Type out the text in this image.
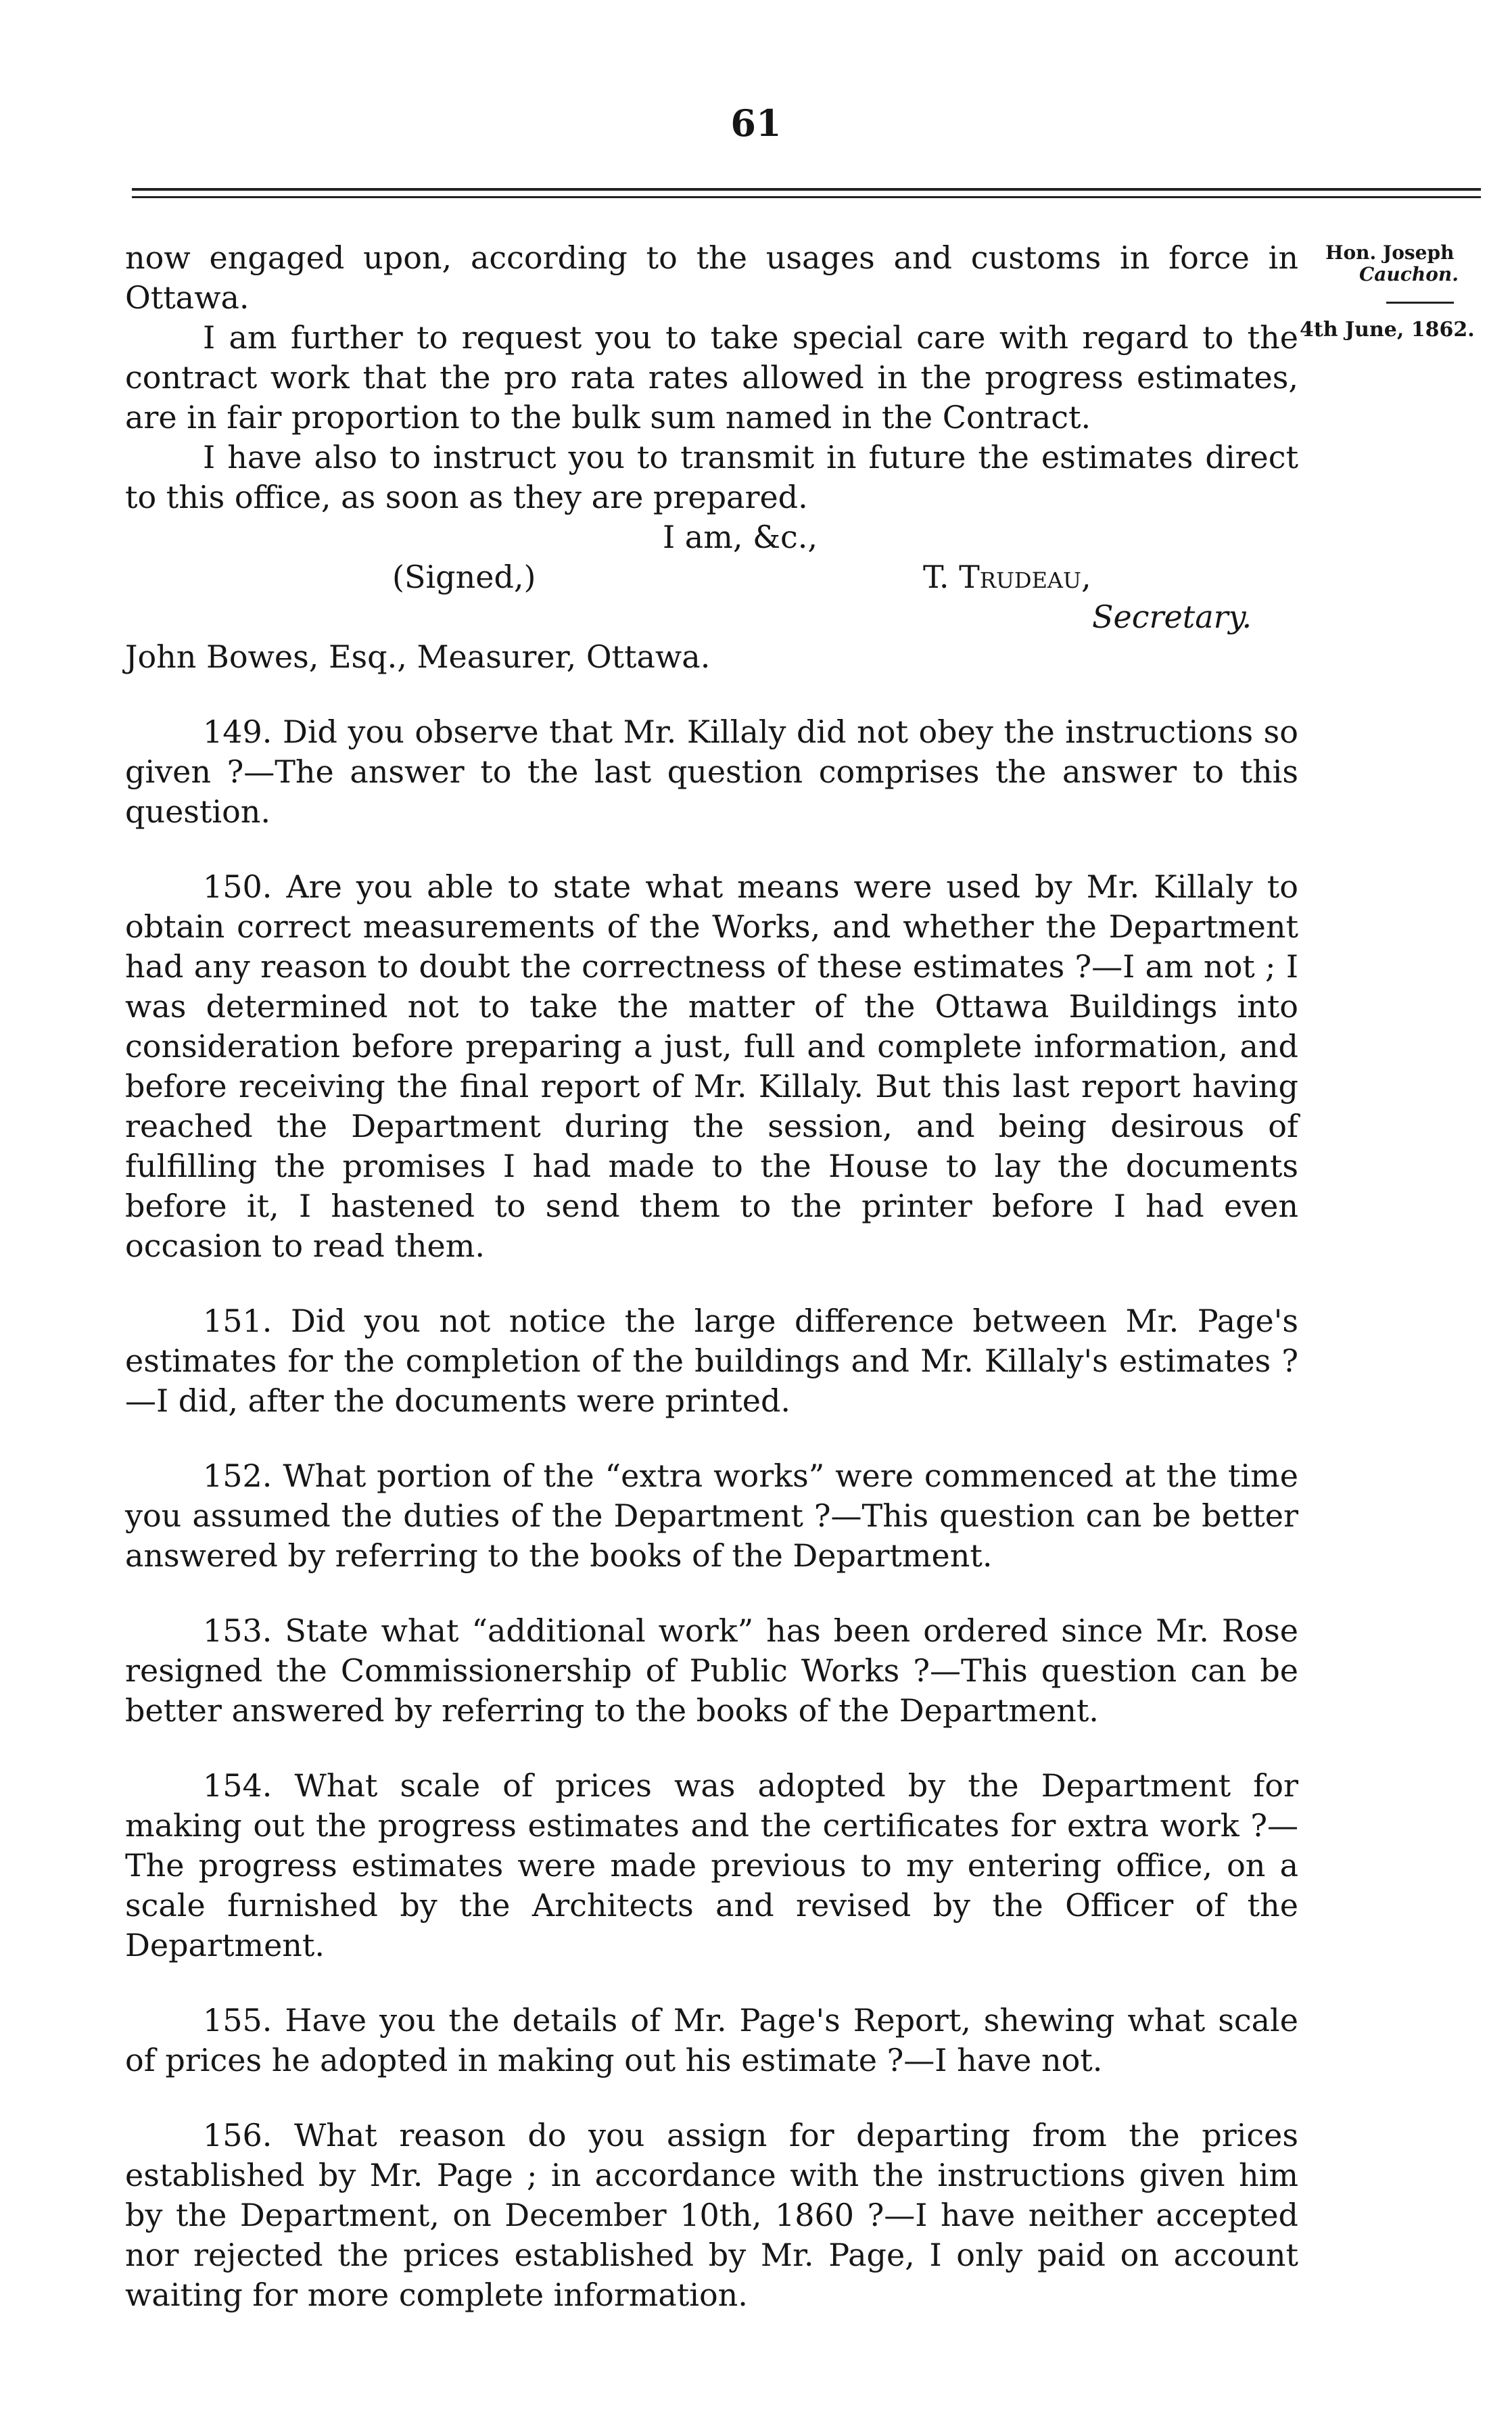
61
Hon. Joseph
Cauchon.
4th June, 1862.

now engaged upon, according to the usages and customs in force in Ottawa.

I am further to request you to take special care with regard to the contract work that the pro rata rates allowed in the progress estimates, are in fair proportion to the bulk sum named in the Contract.

I have also to instruct you to transmit in future the estimates direct to this office, as soon as they are prepared.

I am, &c.,
(Signed,)	T. Trudeau,
Secretary.

John Bowes, Esq., Measurer, Ottawa.

149. Did you observe that Mr. Killaly did not obey the instructions so given ?—The answer to the last question comprises the answer to this question.

150. Are you able to state what means were used by Mr. Killaly to obtain correct measurements of the Works, and whether the Department had any reason to doubt the correctness of these estimates ?—I am not ; I was determined not to take the matter of the Ottawa Buildings into consideration before preparing a just, full and complete information, and before receiving the final report of Mr. Killaly. But this last report having reached the Department during the session, and being desirous of fulfilling the promises I had made to the House to lay the documents before it, I hastened to send them to the printer before I had even occasion to read them.

151. Did you not notice the large difference between Mr. Page's estimates for the completion of the buildings and Mr. Killaly's estimates ?—I did, after the documents were printed.

152. What portion of the “extra works” were commenced at the time you assumed the duties of the Department ?—This question can be better answered by referring to the books of the Department.

153. State what “additional work” has been ordered since Mr. Rose resigned the Commissionership of Public Works ?—This question can be better answered by referring to the books of the Department.

154. What scale of prices was adopted by the Department for making out the progress estimates and the certificates for extra work ?—The progress estimates were made previous to my entering office, on a scale furnished by the Architects and revised by the Officer of the Department.

155. Have you the details of Mr. Page's Report, shewing what scale of prices he adopted in making out his estimate ?—I have not.

156. What reason do you assign for departing from the prices established by Mr. Page ; in accordance with the instructions given him by the Department, on December 10th, 1860 ?—I have neither accepted nor rejected the prices established by Mr. Page, I only paid on account waiting for more complete information.
